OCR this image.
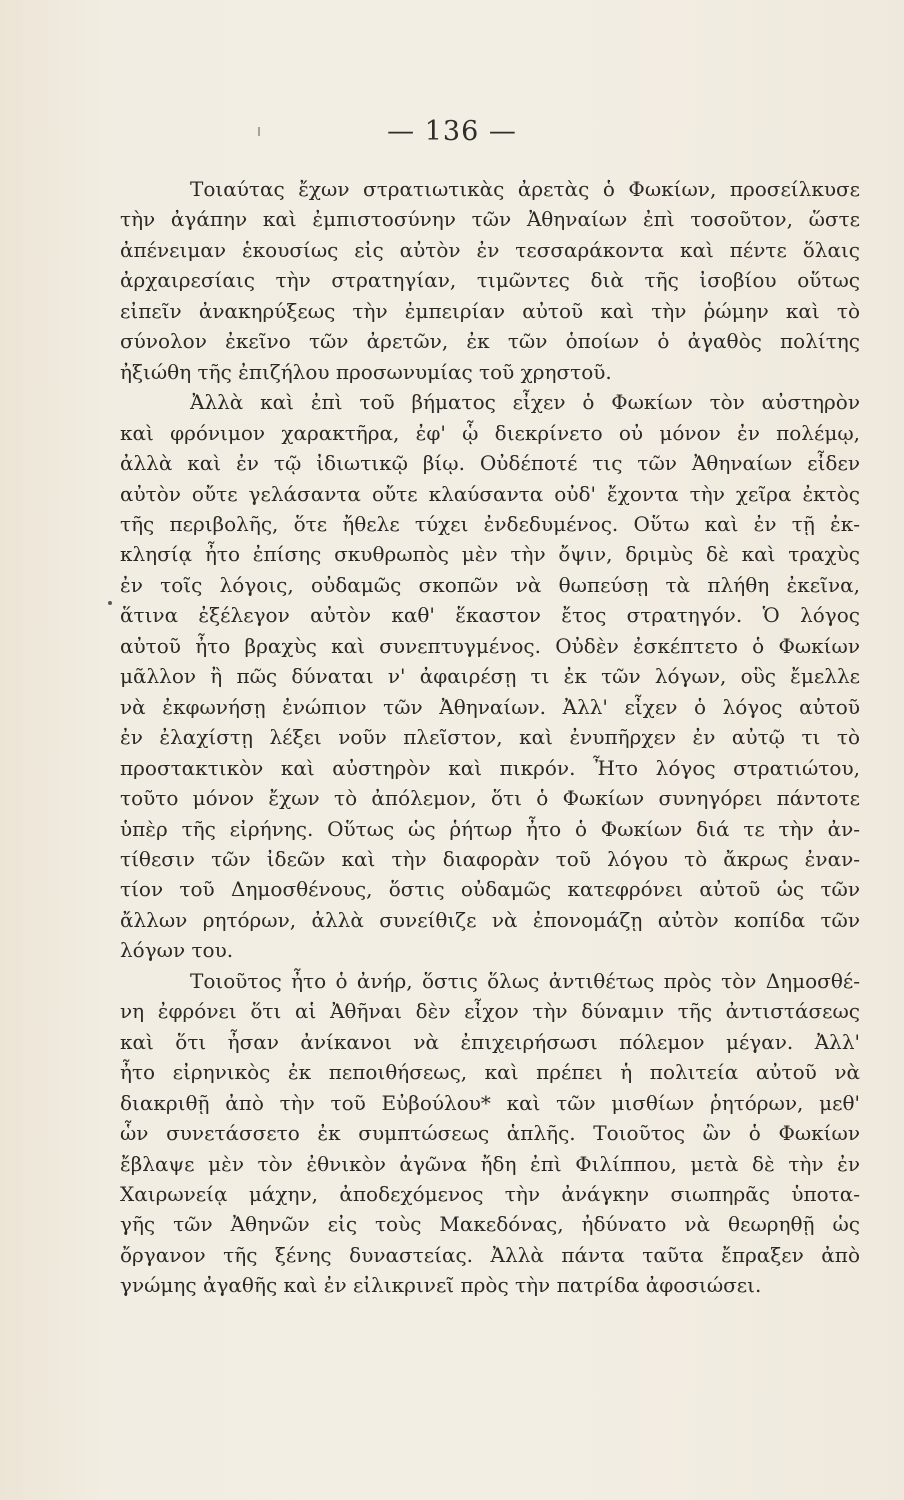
— 136 —
Τοιαύτας ἔχων στρατιωτικὰς ἀρετὰς ὁ Φωκίων, προσείλκυσε
τὴν ἀγάπην καὶ ἐμπιστοσύνην τῶν Ἀθηναίων ἐπὶ τοσοῦτον, ὥστε
ἀπένειμαν ἑκουσίως εἰς αὐτὸν ἐν τεσσαράκοντα καὶ πέντε ὅλαις
ἀρχαιρεσίαις τὴν στρατηγίαν, τιμῶντες διὰ τῆς ἰσοβίου οὕτως
εἰπεῖν ἀνακηρύξεως τὴν ἐμπειρίαν αὐτοῦ καὶ τὴν ῥώμην καὶ τὸ
σύνολον ἐκεῖνο τῶν ἀρετῶν, ἐκ τῶν ὁποίων ὁ ἀγαθὸς πολίτης
ἠξιώθη τῆς ἐπιζήλου προσωνυμίας τοῦ χρηστοῦ.
Ἀλλὰ καὶ ἐπὶ τοῦ βήματος εἶχεν ὁ Φωκίων τὸν αὐστηρὸν
καὶ φρόνιμον χαρακτῆρα, ἐφ' ᾧ διεκρίνετο οὐ μόνον ἐν πολέμῳ,
ἀλλὰ καὶ ἐν τῷ ἰδιωτικῷ βίῳ. Οὐδέποτέ τις τῶν Ἀθηναίων εἶδεν
αὐτὸν οὔτε γελάσαντα οὔτε κλαύσαντα οὐδ' ἔχοντα τὴν χεῖρα ἐκτὸς
τῆς περιβολῆς, ὅτε ἤθελε τύχει ἐνδεδυμένος. Οὕτω καὶ ἐν τῇ ἐκ-
κλησίᾳ ἦτο ἐπίσης σκυθρωπὸς μὲν τὴν ὄψιν, δριμὺς δὲ καὶ τραχὺς
ἐν τοῖς λόγοις, οὐδαμῶς σκοπῶν νὰ θωπεύσῃ τὰ πλήθη ἐκεῖνα,
ἅτινα ἐξέλεγον αὐτὸν καθ' ἕκαστον ἔτος στρατηγόν. Ὁ λόγος
αὐτοῦ ἦτο βραχὺς καὶ συνεπτυγμένος. Οὐδὲν ἐσκέπτετο ὁ Φωκίων
μᾶλλον ἢ πῶς δύναται ν' ἀφαιρέσῃ τι ἐκ τῶν λόγων, οὓς ἔμελλε
νὰ ἐκφωνήσῃ ἐνώπιον τῶν Ἀθηναίων. Ἀλλ' εἶχεν ὁ λόγος αὐτοῦ
ἐν ἐλαχίστῃ λέξει νοῦν πλεῖστον, καὶ ἐνυπῆρχεν ἐν αὐτῷ τι τὸ
προστακτικὸν καὶ αὐστηρὸν καὶ πικρόν. Ἦτο λόγος στρατιώτου,
τοῦτο μόνον ἔχων τὸ ἀπόλεμον, ὅτι ὁ Φωκίων συνηγόρει πάντοτε
ὑπὲρ τῆς εἰρήνης. Οὕτως ὡς ῥήτωρ ἦτο ὁ Φωκίων διά τε τὴν ἀν-
τίθεσιν τῶν ἰδεῶν καὶ τὴν διαφορὰν τοῦ λόγου τὸ ἄκρως ἐναν-
τίον τοῦ Δημοσθένους, ὅστις οὐδαμῶς κατεφρόνει αὐτοῦ ὡς τῶν
ἄλλων ρητόρων, ἀλλὰ συνείθιζε νὰ ἐπονομάζῃ αὐτὸν κοπίδα τῶν
λόγων του.
Τοιοῦτος ἦτο ὁ ἀνήρ, ὅστις ὅλως ἀντιθέτως πρὸς τὸν Δημοσθέ-
νη ἐφρόνει ὅτι αἱ Ἀθῆναι δὲν εἶχον τὴν δύναμιν τῆς ἀντιστάσεως
καὶ ὅτι ἦσαν ἀνίκανοι νὰ ἐπιχειρήσωσι πόλεμον μέγαν. Ἀλλ'
ἦτο εἰρηνικὸς ἐκ πεποιθήσεως, καὶ πρέπει ἡ πολιτεία αὐτοῦ νὰ
διακριθῇ ἀπὸ τὴν τοῦ Εὐβούλου* καὶ τῶν μισθίων ῥητόρων, μεθ'
ὧν συνετάσσετο ἐκ συμπτώσεως ἁπλῆς. Τοιοῦτος ὢν ὁ Φωκίων
ἔβλαψε μὲν τὸν ἐθνικὸν ἀγῶνα ἤδη ἐπὶ Φιλίππου, μετὰ δὲ τὴν ἐν
Χαιρωνείᾳ μάχην, ἀποδεχόμενος τὴν ἀνάγκην σιωπηρᾶς ὑποτα-
γῆς τῶν Ἀθηνῶν εἰς τοὺς Μακεδόνας, ἠδύνατο νὰ θεωρηθῇ ὡς
ὄργανον τῆς ξένης δυναστείας. Ἀλλὰ πάντα ταῦτα ἔπραξεν ἀπὸ
γνώμης ἀγαθῆς καὶ ἐν εἰλικρινεῖ πρὸς τὴν πατρίδα ἀφοσιώσει.
